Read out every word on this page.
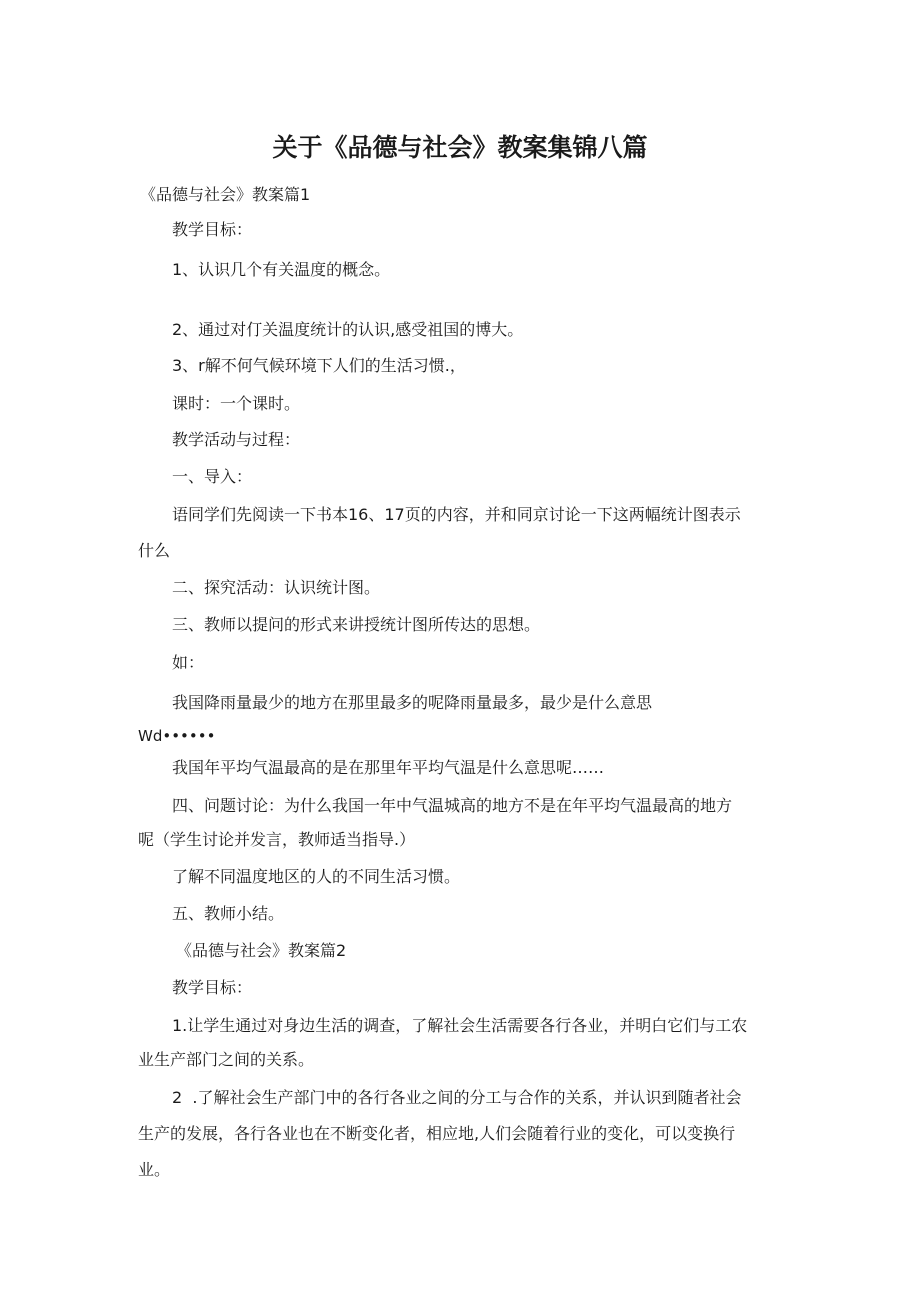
关于《品德与社会》教案集锦八篇
《品德与社会》教案篇1
教学目标：
1、认识几个有关温度的概念。
2、通过对仃关温度统计的认识,感受祖国的博大。
3、r解不何气候环境下人们的生活习惯.，
课时：一个课时。
教学活动与过程：
一、导入：
语同学们先阅读一下书本16、17页的内容，并和同京讨论一下这两幅统计图表示
什么
二、探究活动：认识统计图。
三、教师以提问的形式来讲授统计图所传达的思想。
如：
我国降雨量最少的地方在那里最多的呢降雨量最多，最少是什么意思
Wd••••••
我国年平均气温最高的是在那里年平均气温是什么意思呢……
四、问题讨论：为什么我国一年中气温城高的地方不是在年平均气温最高的地方
呢（学生讨论并发言，教师适当指导.）
了解不同温度地区的人的不同生活习惯。
五、教师小结。
《品德与社会》教案篇2
教学目标：
1.让学生通过对身边生活的调查，了解社会生活需要各行各业，并明白它们与工农
业生产部门之间的关系。
2  .了解社会生产部门中的各行各业之间的分工与合作的关系，并认识到随者社会
生产的发展，各行各业也在不断变化者，相应地,人们会随着行业的变化，可以变换行
业。
